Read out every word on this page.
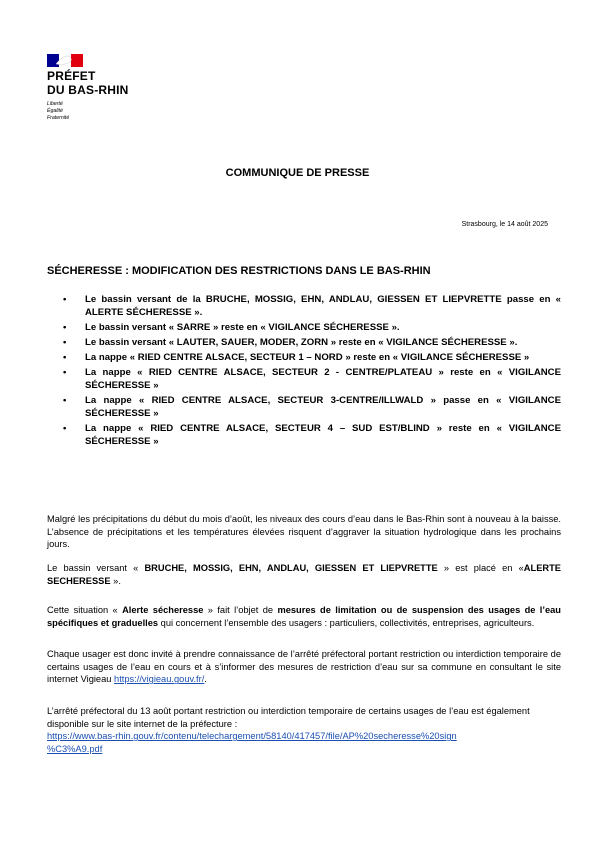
PRÉFET
DU BAS-RHIN
Liberté
Égalité
Fraternité
COMMUNIQUE DE PRESSE
Strasbourg, le 14 août 2025
SÉCHERESSE : MODIFICATION DES RESTRICTIONS DANS LE BAS-RHIN
• Le bassin versant de la BRUCHE, MOSSIG, EHN, ANDLAU, GIESSEN ET LIEPVRETTE passe en « ALERTE SÉCHERESSE ».
• Le bassin versant « SARRE » reste en « VIGILANCE SÉCHERESSE ».
• Le bassin versant « LAUTER, SAUER, MODER, ZORN » reste en « VIGILANCE SÉCHERESSE ».
• La nappe « RIED CENTRE ALSACE, SECTEUR 1 – NORD » reste en « VIGILANCE SÉCHERESSE »
• La nappe « RIED CENTRE ALSACE, SECTEUR 2 - CENTRE/PLATEAU » reste en « VIGILANCE SÉCHERESSE »
• La nappe « RIED CENTRE ALSACE, SECTEUR 3-CENTRE/ILLWALD » passe en « VIGILANCE SÉCHERESSE »
• La nappe « RIED CENTRE ALSACE, SECTEUR 4 – SUD EST/BLIND » reste en « VIGILANCE SÉCHERESSE »
Malgré les précipitations du début du mois d’août, les niveaux des cours d’eau dans le Bas-Rhin sont à nouveau à la baisse. L’absence de précipitations et les températures élevées risquent d’aggraver la situation hydrologique dans les prochains jours.
Le bassin versant « BRUCHE, MOSSIG, EHN, ANDLAU, GIESSEN ET LIEPVRETTE » est placé en «ALERTE SECHERESSE ».
Cette situation « Alerte sécheresse » fait l’objet de mesures de limitation ou de suspension des usages de l’eau spécifiques et graduelles qui concernent l’ensemble des usagers : particuliers, collectivités, entreprises, agriculteurs.
Chaque usager est donc invité à prendre connaissance de l’arrêté préfectoral portant restriction ou interdiction temporaire de certains usages de l’eau en cours et à s’informer des mesures de restriction d’eau sur sa commune en consultant le site internet Vigieau https://vigieau.gouv.fr/.
L’arrêté préfectoral du 13 août portant restriction ou interdiction temporaire de certains usages de l’eau est également disponible sur le site internet de la préfecture :
https://www.bas-rhin.gouv.fr/contenu/telechargement/58140/417457/file/AP%20secheresse%20sign
%C3%A9.pdf
